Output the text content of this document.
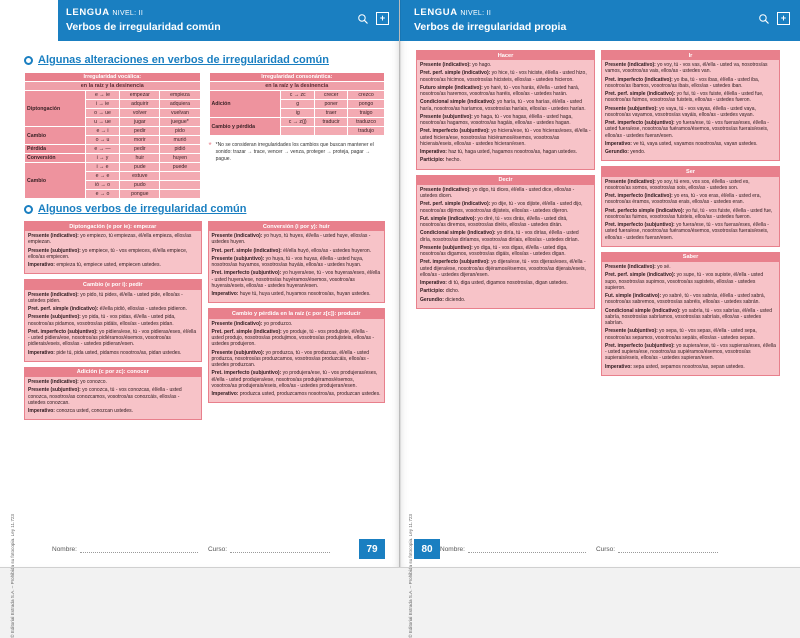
LENGUA NIVEL: II
Verbos de irregularidad común
+
Algunas alteraciones en verbos de irregularidad común
Irregularidad vocálica:			
en la raíz y la desinencia			
Diptongación	e → ie	empezar	empieza
	i → ie	adquirir	adquiera
	o → ue	volver	vuelvan
	u → ue	jugar	juegue*
Cambio	e → i	pedir	pido
	o → u	morir	murió
Pérdida	e → —	pedir	pidió
Conversión	i → y	huir	huyen
Cambio	i → e	pude	puede
	e → e	estuve	
	ió → o	pudo	
	e → o	pongue	
Irregularidad consonántica:			
en la raíz y la desinencia			
Adición	c → zc	crecer	crezco
	g	poner	pongo
	ig	traer	traigo
Cambio y pérdida	c → z(j)	traducir	traduzco
			tradujo
* *No se consideran irregularidades los cambios que buscan mantener el sonido: trazar → trace, vencer → venza, proteger → proteja, pagar → pague.
Algunos verbos de irregularidad común
Diptongación (e por ie): empezar

Presente (indicativo): yo empiezo, tú empiezas, él/ella empieza, ellos/as empiezan.

Presente (subjuntivo): yo empiece, tú - vos empieces, él/ella empiece, ellos/as empiecen.

Imperativo: empieza tú, empiece usted, empiecen ustedes.

Cambio (e por i): pedir

Presente (indicativo): yo pido, tú pides, él/ella - usted pide, ellos/as - ustedes piden.

Pret. perf. simple (indicativo): él/ella pidió, ellos/as - ustedes pidieron.

Presente (subjuntivo): yo pida, tú - vos pidas, él/ella - usted pida, nosotros/as pidamos, vosotros/as pidáis, ellos/as - ustedes pidan.

Pret. imperfecto (subjuntivo): yo pidiera/ese, tú - vos pidieras/eses, él/ella - usted pidiera/ese, nosotros/as pidiéramos/ésemos, vosotros/as pidierais/eseis, ellos/as - ustedes pidieran/esen.

Imperativo: pide tú, pida usted, pidamos nosotros/as, pidan ustedes.

Adición (c por zc): conocer

Presente (indicativo): yo conozco.

Presente (subjuntivo): yo conozca, tú - vos conozcas, él/ella - usted conozca, nosotros/as conozcamos, vosotros/as conozcáis, ellos/as - ustedes conozcan.

Imperativo: conozca usted, conozcan ustedes.

Conversión (i por y): huir

Presente (indicativo): yo huyo, tú huyes, él/ella - usted huye, ellos/as - ustedes huyen.

Pret. perf. simple (indicativo): él/ella huyó, ellos/as - ustedes huyeron.

Presente (subjuntivo): yo huya, tú - vos huyas, él/ella - usted huya, nosotros/as huyamos, vosotros/as huyáis, ellos/as - ustedes huyan.

Pret. imperfecto (subjuntivo): yo huyera/ese, tú - vos huyeras/eses, él/ella - usted huyera/ese, nosotros/as huyéramos/ésemos, vosotros/as huyerais/eseis, ellos/as - ustedes huyeran/esen.

Imperativo: huye tú, huya usted, huyamos nosotros/as, huyan ustedes.

Cambio y pérdida en la raíz (c por z[c]): producir

Presente (indicativo): yo produzco.

Pret. perf. simple (indicativo): yo produje, tú - vos produjiste, él/ella - usted produjo, nosotros/as produjimos, vosotros/as produjisteis, ellos/as - ustedes produjeron.

Presente (subjuntivo): yo produzca, tú - vos produzcas, él/ella - usted produzca, nosotros/as produzcamos, vosotros/as produzcáis, ellos/as - ustedes produzcan.

Pret. imperfecto (subjuntivo): yo produjera/ese, tú - vos produjeras/eses, él/ella - usted produjera/ese, nosotros/as produjéramos/ésemos, vosotros/as produjerais/eseis, ellos/as - ustedes produjeran/esen.

Imperativo: produzca usted, produzcamos nosotros/as, produzcan ustedes.

© Editorial Estrada S.A. – Prohibida su fotocopia. Ley 11.723	Nombre:	Curso:	79
LENGUA NIVEL: II
Verbos de irregularidad propia
+
Hacer

Presente (indicativo): yo hago.

Pret. perf. simple (indicativo): yo hice, tú - vos hiciste, él/ella - usted hizo, nosotros/as hicimos, vosotros/as hicisteis, ellos/as - ustedes hicieron.

Futuro simple (indicativo): yo haré, tú - vos harás, él/ella - usted hará, nosotros/as haremos, vosotros/as haréis, ellos/as - ustedes harán.

Condicional simple (indicativo): yo haría, tú - vos harías, él/ella - usted haría, nosotros/as haríamos, vosotros/as haríais, ellos/as - ustedes harían.

Presente (subjuntivo): yo haga, tú - vos hagas, él/ella - usted haga, nosotros/as hagamos, vosotros/as hagáis, ellos/as - ustedes hagan.

Pret. imperfecto (subjuntivo): yo hiciera/ese, tú - vos hicieras/eses, él/ella - usted hiciera/ese, nosotros/as hiciéramos/ésemos, vosotros/as hicierais/eseis, ellos/as - ustedes hicieran/esen.

Imperativo: haz tú, haga usted, hagamos nosotros/as, hagan ustedes.

Participio: hecho.

Decir

Presente (indicativo): yo digo, tú dices, él/ella - usted dice, ellos/as - ustedes dicen.

Pret. perf. simple (indicativo): yo dije, tú - vos dijiste, él/ella - usted dijo, nosotros/as dijimos, vosotros/as dijisteis, ellos/as - ustedes dijeron.

Fut. simple (indicativo): yo diré, tú - vos dirás, él/ella - usted dirá, nosotros/as diremos, vosotros/as diréis, ellos/as - ustedes dirán.

Condicional simple (indicativo): yo diría, tú - vos dirías, él/ella - usted diría, nosotros/as diríamos, vosotros/as diríais, ellos/as - ustedes dirían.

Presente (subjuntivo): yo diga, tú - vos digas, él/ella - usted diga, nosotros/as digamos, vosotros/as digáis, ellos/as - ustedes digan.

Pret. imperfecto (subjuntivo): yo dijera/ese, tú - vos dijeras/eses, él/ella - usted dijera/ese, nosotros/as dijéramos/ésemos, vosotros/as dijerais/eseis, ellos/as - ustedes dijeran/esen.

Imperativo: di tú, diga usted, digamos nosotros/as, digan ustedes.

Participio: dicho.

Gerundio: diciendo.

Ir

Presente (indicativo): yo voy, tú - vos vas, él/ella - usted va, nosotros/as vamos, vosotros/as vais, ellos/as - ustedes van.

Pret. imperfecto (indicativo): yo iba, tú - vos ibas, él/ella - usted iba, nosotros/as íbamos, vosotros/as ibais, ellos/as - ustedes iban.

Pret. perf. simple (indicativo): yo fui, tú - vos fuiste, él/ella - usted fue, nosotros/as fuimos, vosotros/as fuisteis, ellos/as - ustedes fueron.

Presente (subjuntivo): yo vaya, tú - vos vayas, él/ella - usted vaya, nosotros/as vayamos, vosotros/as vayáis, ellos/as - ustedes vayan.

Pret. imperfecto (subjuntivo): yo fuera/ese, tú - vos fueras/eses, él/ella - usted fuera/ese, nosotros/as fuéramos/ésemos, vosotros/as fuerais/eseis, ellos/as - ustedes fueran/esen.

Imperativo: ve tú, vaya usted, vayamos nosotros/as, vayan ustedes.

Gerundio: yendo.

Ser

Presente (indicativo): yo soy, tú eres, vos sos, él/ella - usted es, nosotros/as somos, vosotros/as sois, ellos/as - ustedes son.

Pret. imperfecto (indicativo): yo era, tú - vos eras, él/ella - usted era, nosotros/as éramos, vosotros/as erais, ellos/as - ustedes eran.

Pret. perfecto simple (indicativo): yo fui, tú - vos fuiste, él/ella - usted fue, nosotros/as fuimos, vosotros/as fuisteis, ellos/as - ustedes fueron.

Pret. imperfecto (subjuntivo): yo fuera/ese, tú - vos fueras/eses, él/ella - usted fuera/ese, nosotros/as fuéramos/ésemos, vosotros/as fuerais/eseis, ellos/as - ustedes fueran/esen.

Saber

Presente (indicativo): yo sé.

Pret. perf. simple (indicativo): yo supe, tú - vos supiste, él/ella - usted supo, nosotros/as supimos, vosotros/as supisteis, ellos/as - ustedes supieron.

Fut. simple (indicativo): yo sabré, tú - vos sabrás, él/ella - usted sabrá, nosotros/as sabremos, vosotros/as sabréis, ellos/as - ustedes sabrán.

Condicional simple (indicativo): yo sabría, tú - vos sabrías, él/ella - usted sabría, nosotros/as sabríamos, vosotros/as sabríais, ellos/as - ustedes sabrían.

Presente (subjuntivo): yo sepa, tú - vos sepas, él/ella - usted sepa, nosotros/as sepamos, vosotros/as sepáis, ellos/as - ustedes sepan.

Pret. imperfecto (subjuntivo): yo supiera/ese, tú - vos supieras/eses, él/ella - usted supiera/ese, nosotros/as supiéramos/ésemos, vosotros/as supierais/eseis, ellos/as - ustedes supieran/esen.

Imperativo: sepa usted, sepamos nosotros/as, sepan ustedes.

© Editorial Estrada S.A. – Prohibida su fotocopia. Ley 11.723	Nombre:	Curso:
80
